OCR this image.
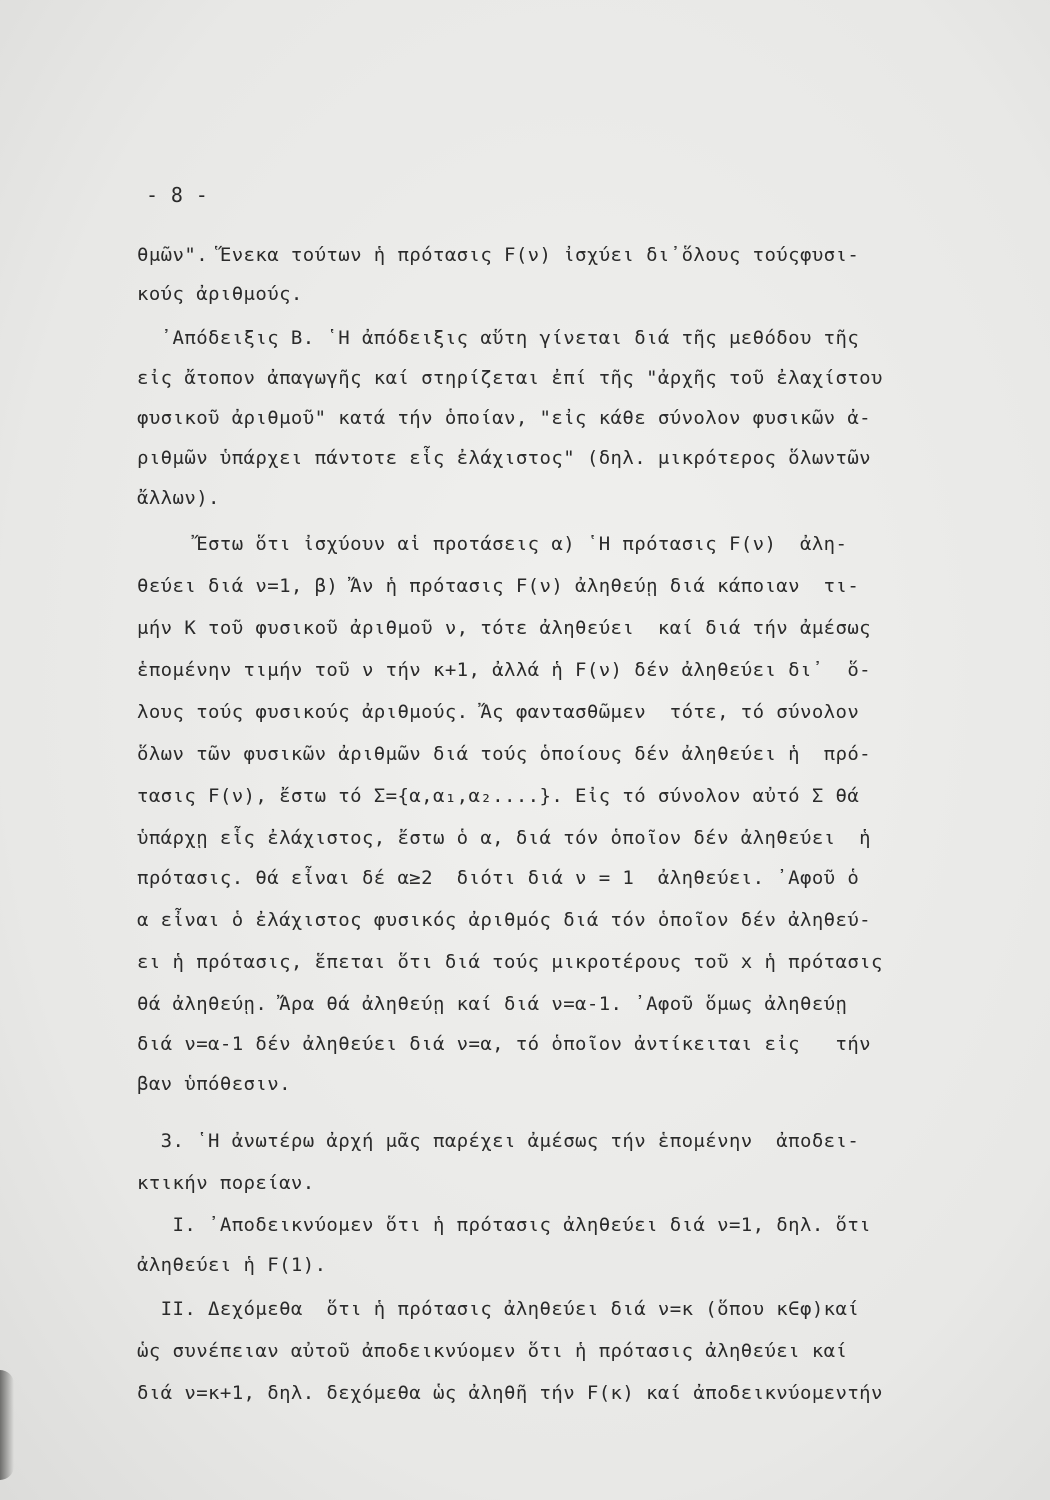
- 8 -
θμῶν". Ἕνεκα τούτων ἡ πρότασις F(ν) ἰσχύει δι᾿ὅλους τούςφυσι-
κούς ἀριθμούς.
᾿Απόδειξις Β. ῾Η ἀπόδειξις αὕτη γίνεται διά τῆς μεθόδου τῆς
εἰς ἄτοπον ἀπαγωγῆς καί στηρίζεται ἐπί τῆς "ἀρχῆς τοῦ ἐλαχίστου
φυσικοῦ ἀριθμοῦ" κατά τήν ὁποίαν, "εἰς κάθε σύνολον φυσικῶν ἀ-
ριθμῶν ὑπάρχει πάντοτε εἷς ἐλάχιστος" (δηλ. μικρότερος ὅλωντῶν
ἄλλων).
Ἔστω ὅτι ἰσχύουν αἱ προτάσεις α) ῾Η πρότασις F(ν)  ἀλη-
θεύει διά ν=1, β) Ἄν ἡ πρότασις F(ν) ἀληθεύῃ διά κάποιαν  τι-
μήν Κ τοῦ φυσικοῦ ἀριθμοῦ ν, τότε ἀληθεύει  καί διά τήν ἀμέσως
ἑπομένην τιμήν τοῦ ν τήν κ+1, ἀλλά ἡ F(ν) δέν ἀληθεύει δι᾿  ὅ-
λους τούς φυσικούς ἀριθμούς. Ἄς φαντασθῶμεν  τότε, τό σύνολον
ὅλων τῶν φυσικῶν ἀριθμῶν διά τούς ὁποίους δέν ἀληθεύει ἡ  πρό-
τασις F(ν), ἔστω τό Σ={α,α₁,α₂....}. Εἰς τό σύνολον αὐτό Σ θά
ὑπάρχῃ εἷς ἐλάχιστος, ἔστω ὁ α, διά τόν ὁποῖον δέν ἀληθεύει  ἡ
πρότασις. θά εἶναι δέ α≥2  διότι διά ν = 1  ἀληθεύει. ᾿Αφοῦ ὁ
α εἶναι ὁ ἐλάχιστος φυσικός ἀριθμός διά τόν ὁποῖον δέν ἀληθεύ-
ει ἡ πρότασις, ἕπεται ὅτι διά τούς μικροτέρους τοῦ x ἡ πρότασις
θά ἀληθεύῃ. Ἄρα θά ἀληθεύῃ καί διά ν=α-1. ᾿Αφοῦ ὅμως ἀληθεύῃ
διά ν=α-1 δέν ἀληθεύει διά ν=α, τό ὁποῖον ἀντίκειται εἰς   τήν
βαν ὑπόθεσιν.
3. ῾Η ἀνωτέρω ἀρχή μᾶς παρέχει ἀμέσως τήν ἑπομένην  ἀποδει-
κτικήν πορείαν.
Ι. ᾿Αποδεικνύομεν ὅτι ἡ πρότασις ἀληθεύει διά ν=1, δηλ. ὅτι
ἀληθεύει ἡ F(1).
ΙΙ. Δεχόμεθα  ὅτι ἡ πρότασις ἀληθεύει διά ν=κ (ὅπου κ∈φ)καί
ὡς συνέπειαν αὐτοῦ ἀποδεικνύομεν ὅτι ἡ πρότασις ἀληθεύει καί
διά ν=κ+1, δηλ. δεχόμεθα ὡς ἀληθῆ τήν F(κ) καί ἀποδεικνύομεντήν
